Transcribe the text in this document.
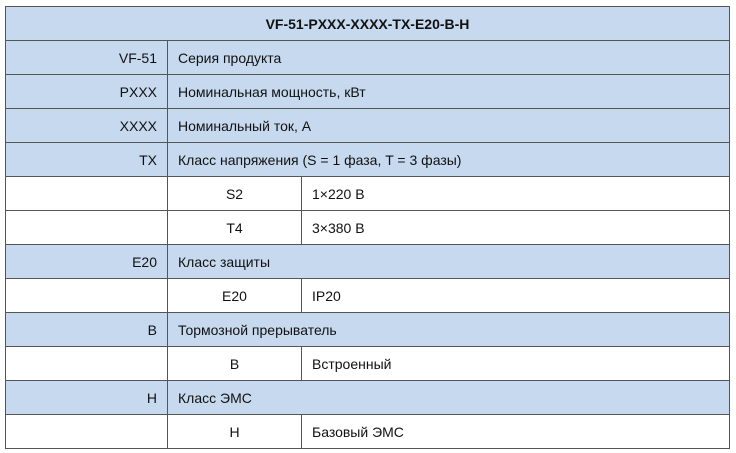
VF-51-PXXX-XXXX-TX-E20-B-H		
VF-51	Серия продукта	
PXXX	Номинальная мощность, кВт	
XXXX	Номинальный ток, А	
TX	Класс напряжения (S = 1 фаза, T = 3 фазы)	
	S2	1×220 В
	T4	3×380 В
E20	Класс защиты	
	E20	IP20
B	Тормозной прерыватель	
	B	Встроенный
H	Класс ЭМС	
	H	Базовый ЭМС
